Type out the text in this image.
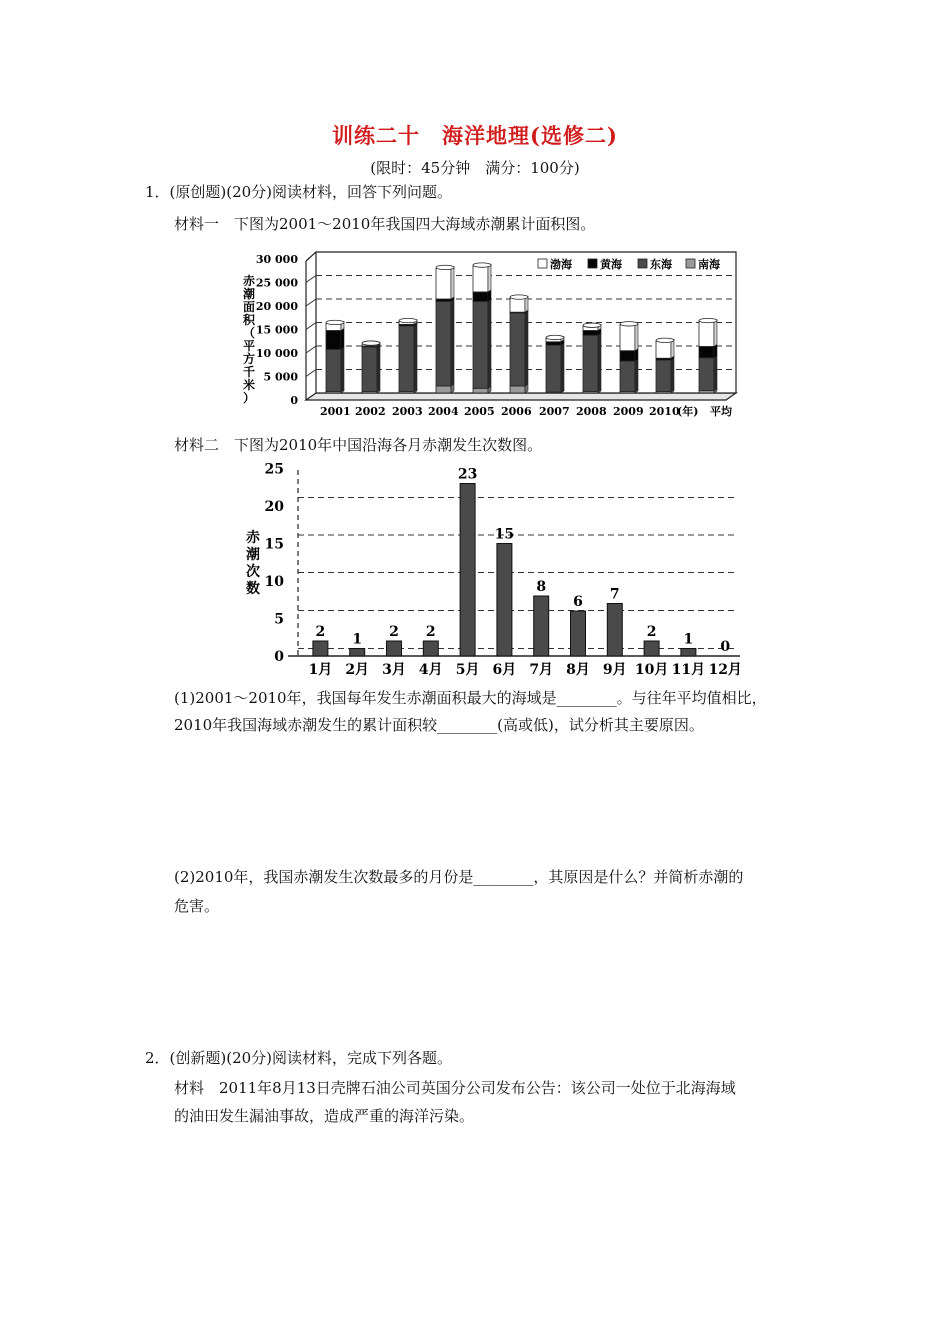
训练二十　海洋地理(选修二)
(限时：45分钟　满分：100分)
1．(原创题)(20分)阅读材料，回答下列问题。
材料一　下图为2001～2010年我国四大海域赤潮累计面积图。
0
5 000
10 000
15 000
20 000
25 000
30 000
2001 2002 2003 2004 2005 2006 2007 2008 2009 2010
(年) 平均
渤海	黄海	东海 南海
赤
潮
面
积
（
平
方
千
米
）
材料二　下图为2010年中国沿海各月赤潮发生次数图。
0
5
10
15
20
25
2 1 2 2
23
15
8
6 7
2 1 0
1月 2月 3月 4月 5月 6月 7月 8月 9月 10月 11月 12月
赤
潮
次
数
(1)2001～2010年，我国每年发生赤潮面积最大的海域是________。与往年平均值相比，
2010年我国海域赤潮发生的累计面积较________(高或低)，试分析其主要原因。
(2)2010年，我国赤潮发生次数最多的月份是________，其原因是什么？并简析赤潮的
危害。
2．(创新题)(20分)阅读材料，完成下列各题。
材料　2011年8月13日壳牌石油公司英国分公司发布公告：该公司一处位于北海海域
的油田发生漏油事故，造成严重的海洋污染。
